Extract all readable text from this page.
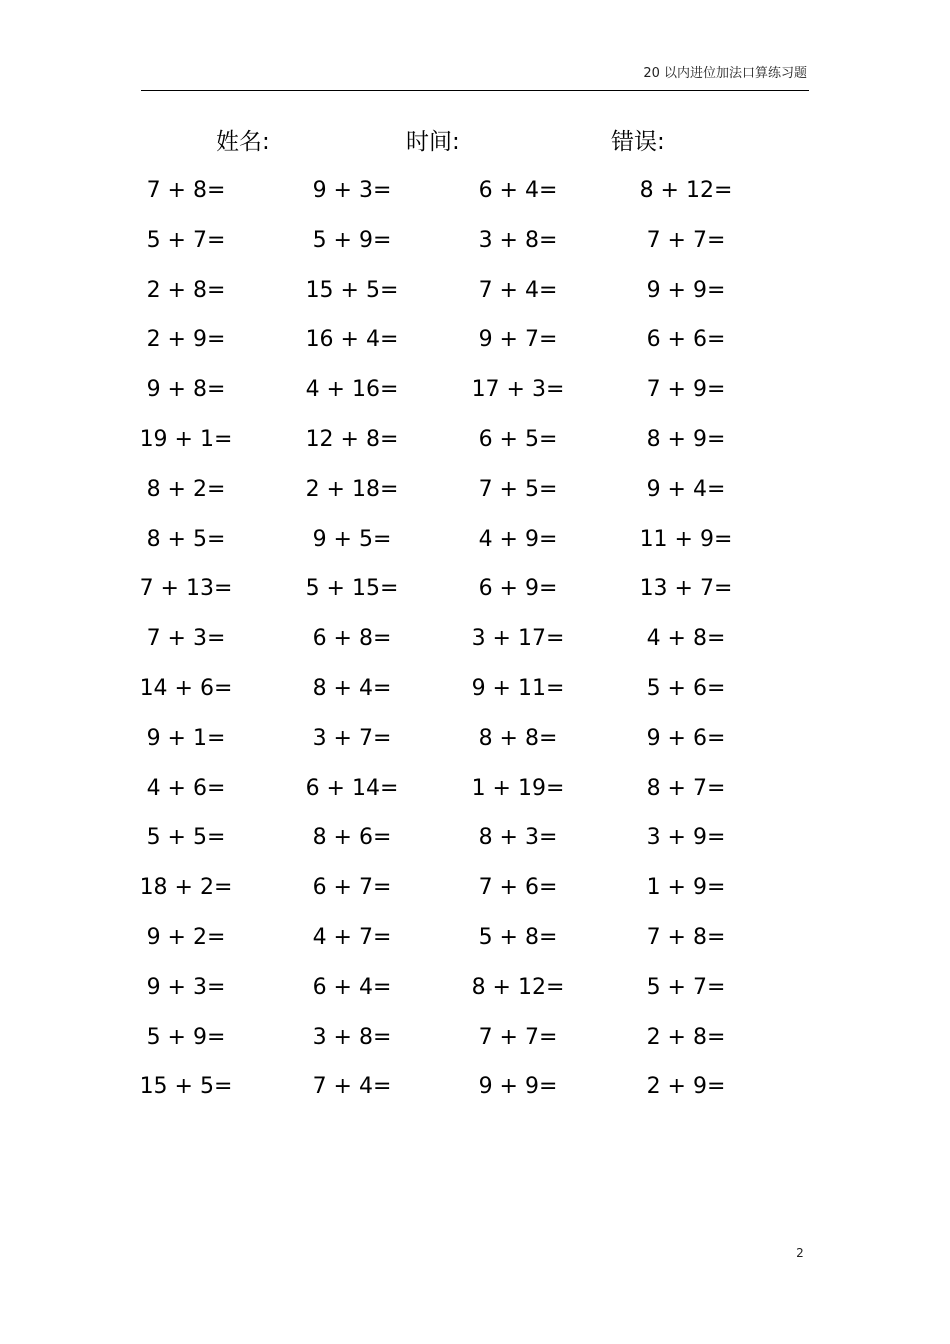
20 以内进位加法口算练习题
姓名:	时间:	错误:
7 + 8=	9 + 3=	6 + 4=	8 + 12=
5 + 7=	5 + 9=	3 + 8=	7 + 7=
2 + 8=	15 + 5=	7 + 4=	9 + 9=
2 + 9=	16 + 4=	9 + 7=	6 + 6=
9 + 8=	4 + 16=	17 + 3=	7 + 9=
19 + 1=	12 + 8=	6 + 5=	8 + 9=
8 + 2=	2 + 18=	7 + 5=	9 + 4=
8 + 5=	9 + 5=	4 + 9=	11 + 9=
7 + 13=	5 + 15=	6 + 9=	13 + 7=
7 + 3=	6 + 8=	3 + 17=	4 + 8=
14 + 6=	8 + 4=	9 + 11=	5 + 6=
9 + 1=	3 + 7=	8 + 8=	9 + 6=
4 + 6=	6 + 14=	1 + 19=	8 + 7=
5 + 5=	8 + 6=	8 + 3=	3 + 9=
18 + 2=	6 + 7=	7 + 6=	1 + 9=
9 + 2=	4 + 7=	5 + 8=	7 + 8=
9 + 3=	6 + 4=	8 + 12=	5 + 7=
5 + 9=	3 + 8=	7 + 7=	2 + 8=
15 + 5=	7 + 4=	9 + 9=	2 + 9=
2
